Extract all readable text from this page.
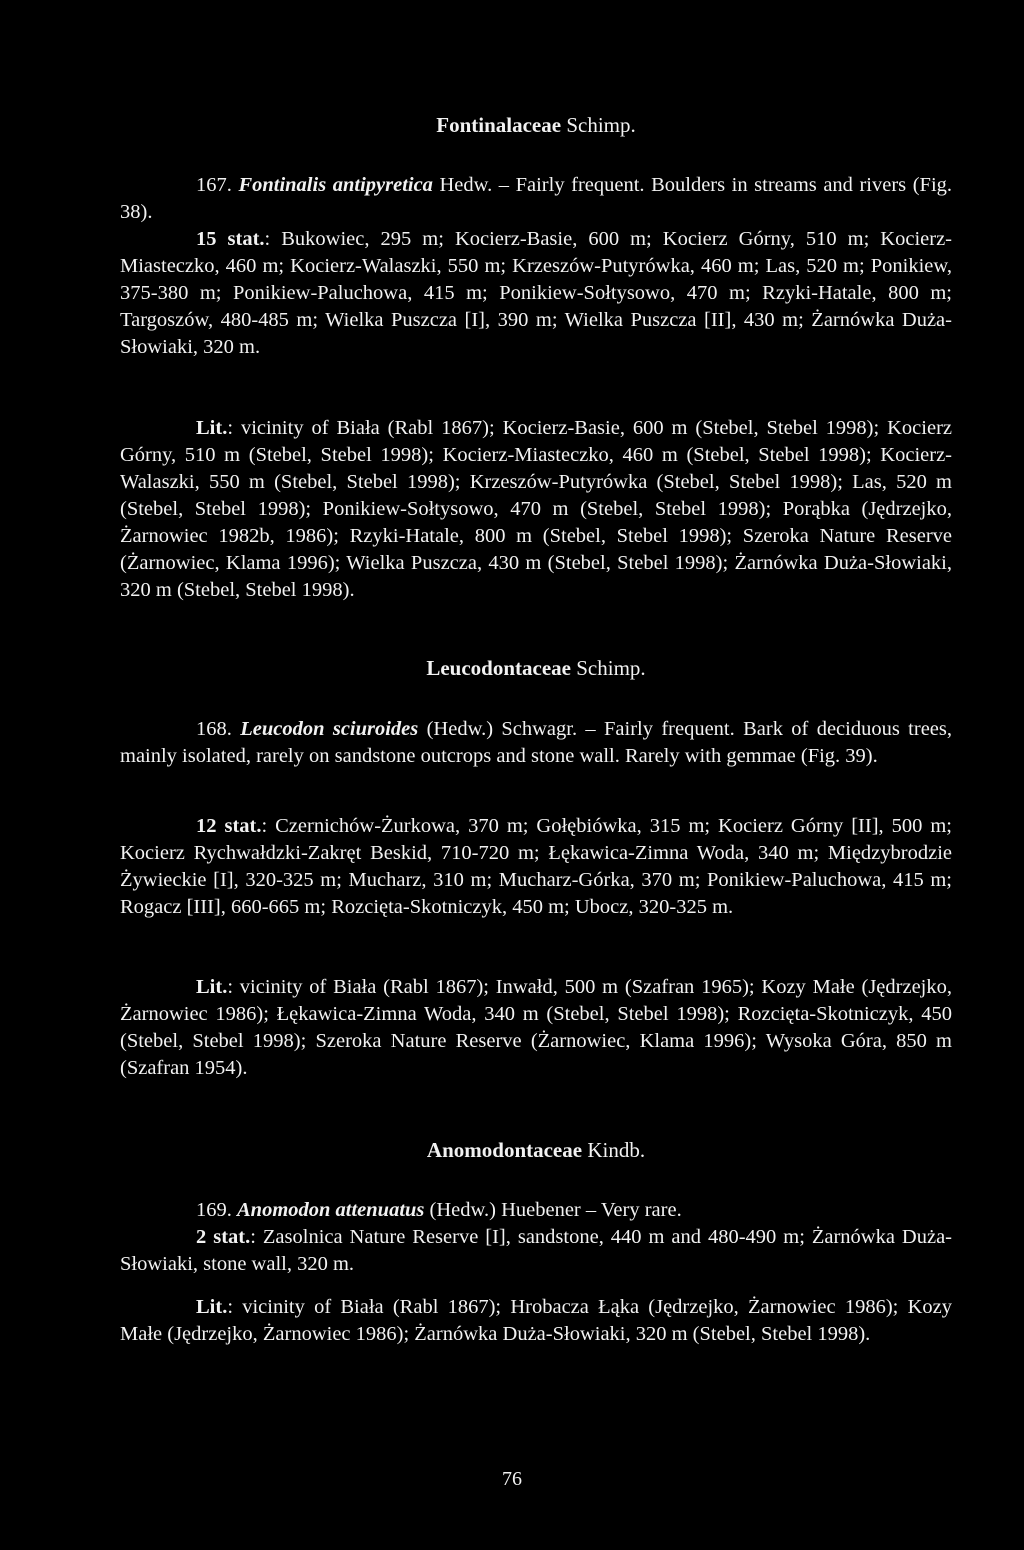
Fontinalaceae Schimp.

167. Fontinalis antipyretica Hedw. – Fairly frequent. Boulders in streams and rivers (Fig. 38).

15 stat.: Bukowiec, 295 m; Kocierz-Basie, 600 m; Kocierz Górny, 510 m; Kocierz-Miasteczko, 460 m; Kocierz-Walaszki, 550 m; Krzeszów-Putyrówka, 460 m; Las, 520 m; Ponikiew, 375-380 m; Ponikiew-Paluchowa, 415 m; Ponikiew-Sołtysowo, 470 m; Rzyki-Hatale, 800 m; Targoszów, 480-485 m; Wielka Puszcza [I], 390 m; Wielka Puszcza [II], 430 m; Żarnówka Duża-Słowiaki, 320 m.

Lit.: vicinity of Biała (Rabl 1867); Kocierz-Basie, 600 m (Stebel, Stebel 1998); Kocierz Górny, 510 m (Stebel, Stebel 1998); Kocierz-Miasteczko, 460 m (Stebel, Stebel 1998); Kocierz-Walaszki, 550 m (Stebel, Stebel 1998); Krzeszów-Putyrówka (Stebel, Stebel 1998); Las, 520 m (Stebel, Stebel 1998); Ponikiew-Sołtysowo, 470 m (Stebel, Stebel 1998); Porąbka (Jędrzejko, Żarnowiec 1982b, 1986); Rzyki-Hatale, 800 m (Stebel, Stebel 1998); Szeroka Nature Reserve (Żarnowiec, Klama 1996); Wielka Puszcza, 430 m (Stebel, Stebel 1998); Żarnówka Duża-Słowiaki, 320 m (Stebel, Stebel 1998).

Leucodontaceae Schimp.

168. Leucodon sciuroides (Hedw.) Schwagr. – Fairly frequent. Bark of deciduous trees, mainly isolated, rarely on sandstone outcrops and stone wall. Rarely with gemmae (Fig. 39).

12 stat.: Czernichów-Żurkowa, 370 m; Gołębiówka, 315 m; Kocierz Górny [II], 500 m; Kocierz Rychwałdzki-Zakręt Beskid, 710-720 m; Łękawica-Zimna Woda, 340 m; Międzybrodzie Żywieckie [I], 320-325 m; Mucharz, 310 m; Mucharz-Górka, 370 m; Ponikiew-Paluchowa, 415 m; Rogacz [III], 660-665 m; Rozcięta-Skotniczyk, 450 m; Ubocz, 320-325 m.

Lit.: vicinity of Biała (Rabl 1867); Inwałd, 500 m (Szafran 1965); Kozy Małe (Jędrzejko, Żarnowiec 1986); Łękawica-Zimna Woda, 340 m (Stebel, Stebel 1998); Rozcięta-Skotniczyk, 450 (Stebel, Stebel 1998); Szeroka Nature Reserve (Żarnowiec, Klama 1996); Wysoka Góra, 850 m (Szafran 1954).

Anomodontaceae Kindb.

169. Anomodon attenuatus (Hedw.) Huebener – Very rare.

2 stat.: Zasolnica Nature Reserve [I], sandstone, 440 m and 480-490 m; Żarnówka Duża-Słowiaki, stone wall, 320 m.

Lit.: vicinity of Biała (Rabl 1867); Hrobacza Łąka (Jędrzejko, Żarnowiec 1986); Kozy Małe (Jędrzejko, Żarnowiec 1986); Żarnówka Duża-Słowiaki, 320 m (Stebel, Stebel 1998).

76
